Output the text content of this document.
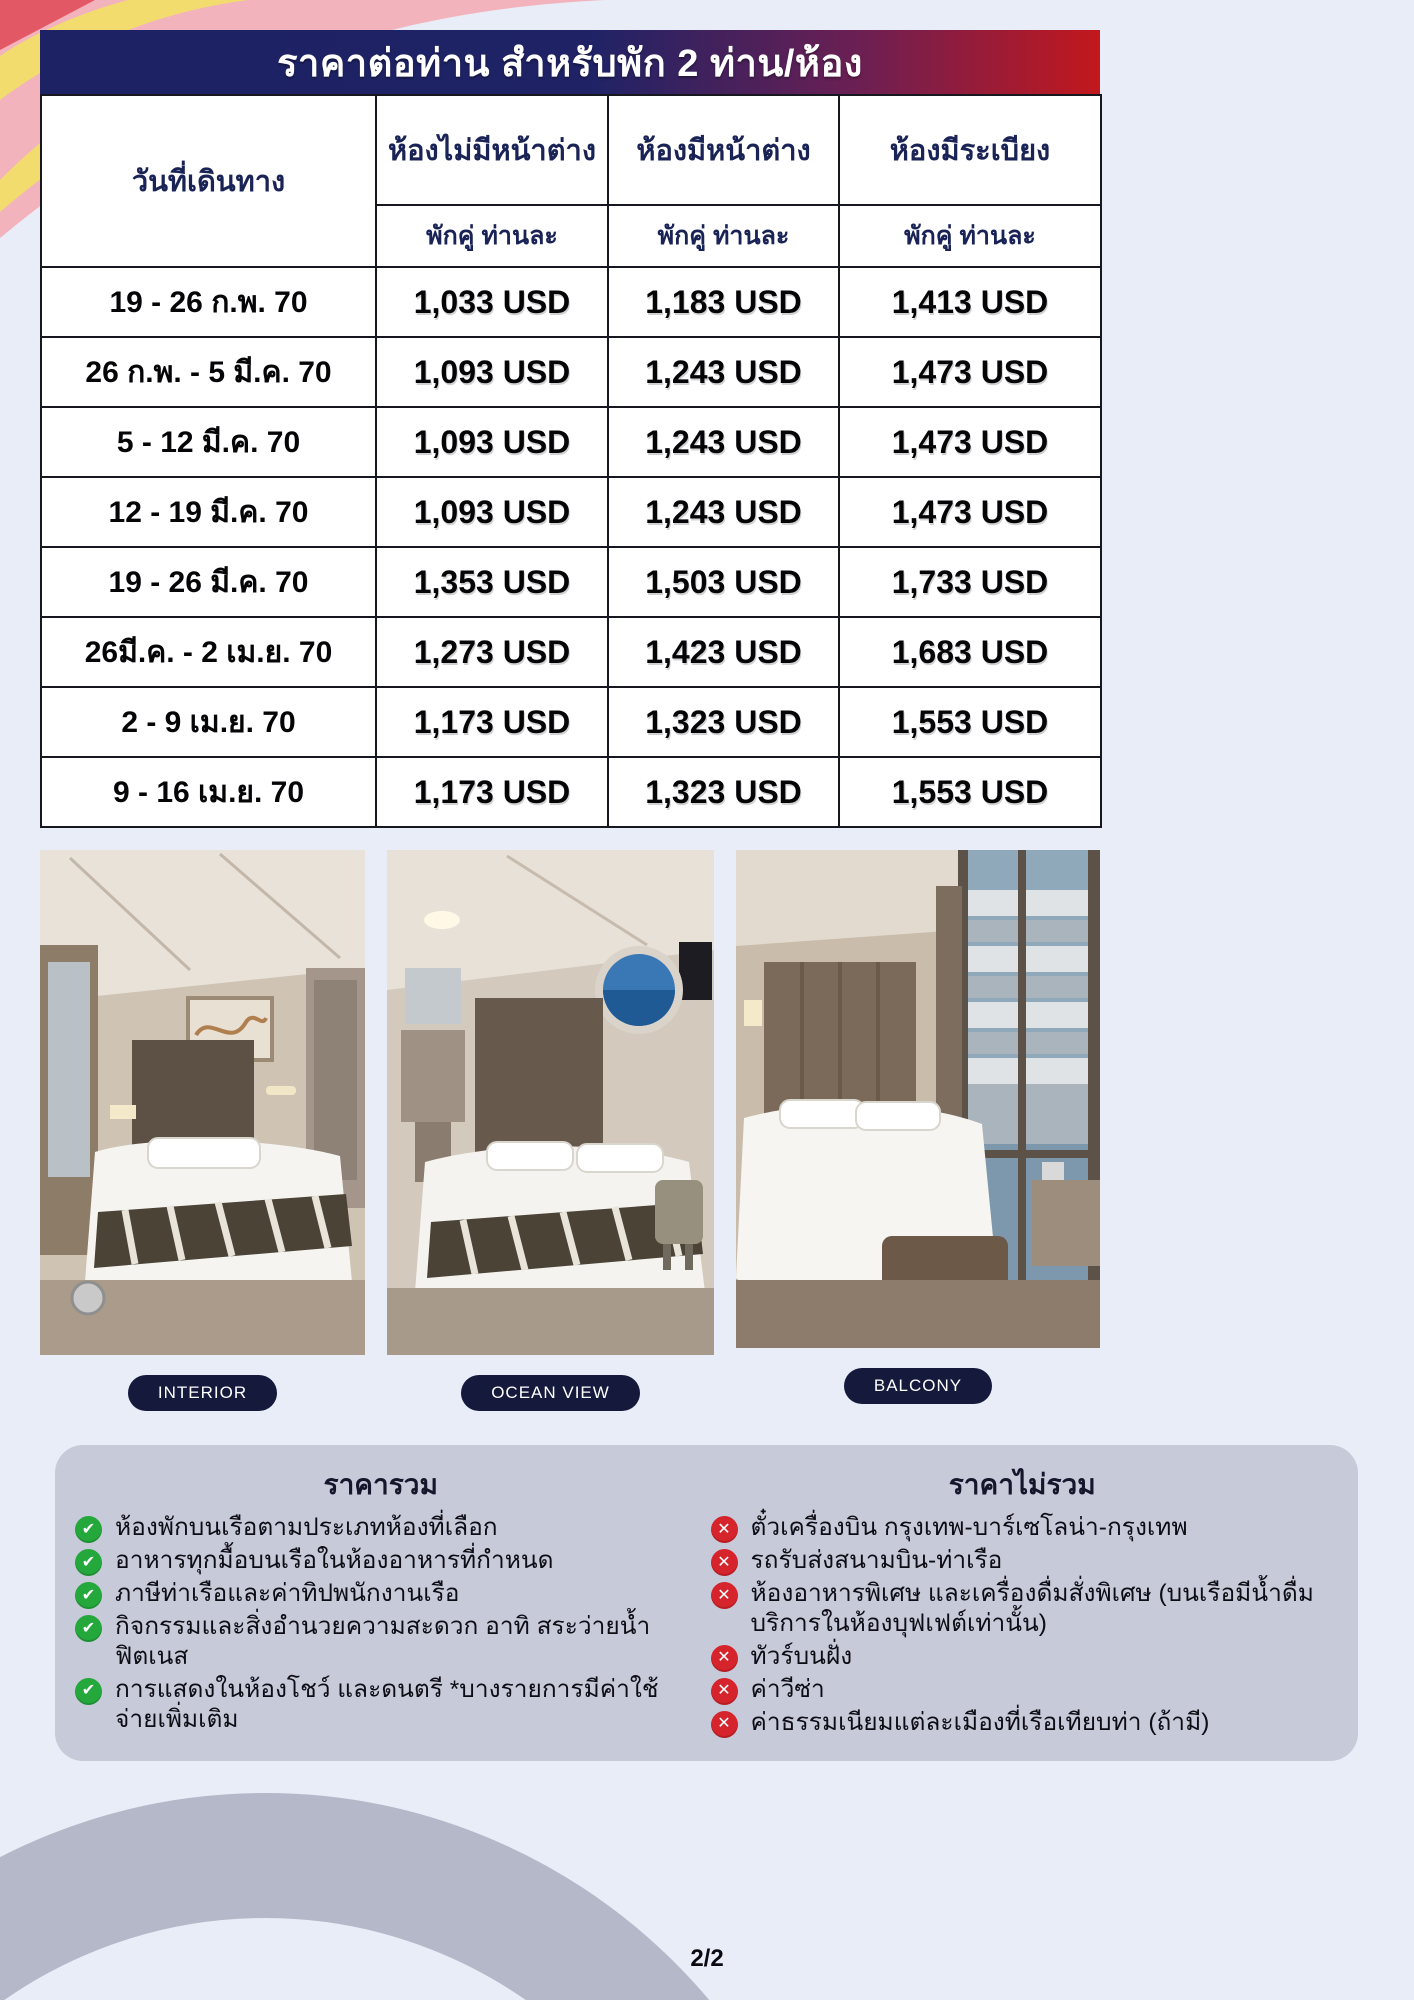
ราคาต่อท่าน สำหรับพัก 2 ท่าน/ห้อง
วันที่เดินทาง	ห้องไม่มีหน้าต่าง	ห้องมีหน้าต่าง	ห้องมีระเบียง
	พักคู่ ท่านละ	พักคู่ ท่านละ	พักคู่ ท่านละ
19 - 26 ก.พ. 70	1,033 USD	1,183 USD	1,413 USD
26 ก.พ. - 5 มี.ค. 70	1,093 USD	1,243 USD	1,473 USD
5 - 12 มี.ค. 70	1,093 USD	1,243 USD	1,473 USD
12 - 19 มี.ค. 70	1,093 USD	1,243 USD	1,473 USD
19 - 26 มี.ค. 70	1,353 USD	1,503 USD	1,733 USD
26มี.ค. - 2 เม.ย. 70	1,273 USD	1,423 USD	1,683 USD
2 - 9 เม.ย. 70	1,173 USD	1,323 USD	1,553 USD
9 - 16 เม.ย. 70	1,173 USD	1,323 USD	1,553 USD
INTERIOR	OCEAN VIEW	BALCONY

ราคารวม

✔ ห้องพักบนเรือตามประเภทห้องที่เลือก
✔ อาหารทุกมื้อบนเรือในห้องอาหารที่กำหนด
✔ ภาษีท่าเรือและค่าทิปพนักงานเรือ
✔ กิจกรรมและสิ่งอำนวยความสะดวก อาทิ สระว่ายน้ำ ฟิตเนส
✔ การแสดงในห้องโชว์ และดนตรี *บางรายการมีค่าใช้จ่ายเพิ่มเติม

ราคาไม่รวม

✕ ตั๋วเครื่องบิน กรุงเทพ-บาร์เซโลน่า-กรุงเทพ
✕ รถรับส่งสนามบิน-ท่าเรือ
✕ ห้องอาหารพิเศษ และเครื่องดื่มสั่งพิเศษ (บนเรือมีน้ำดื่มบริการในห้องบุฟเฟต์เท่านั้น)
✕ ทัวร์บนฝั่ง
✕ ค่าวีซ่า
✕ ค่าธรรมเนียมแต่ละเมืองที่เรือเทียบท่า (ถ้ามี)
2/2
